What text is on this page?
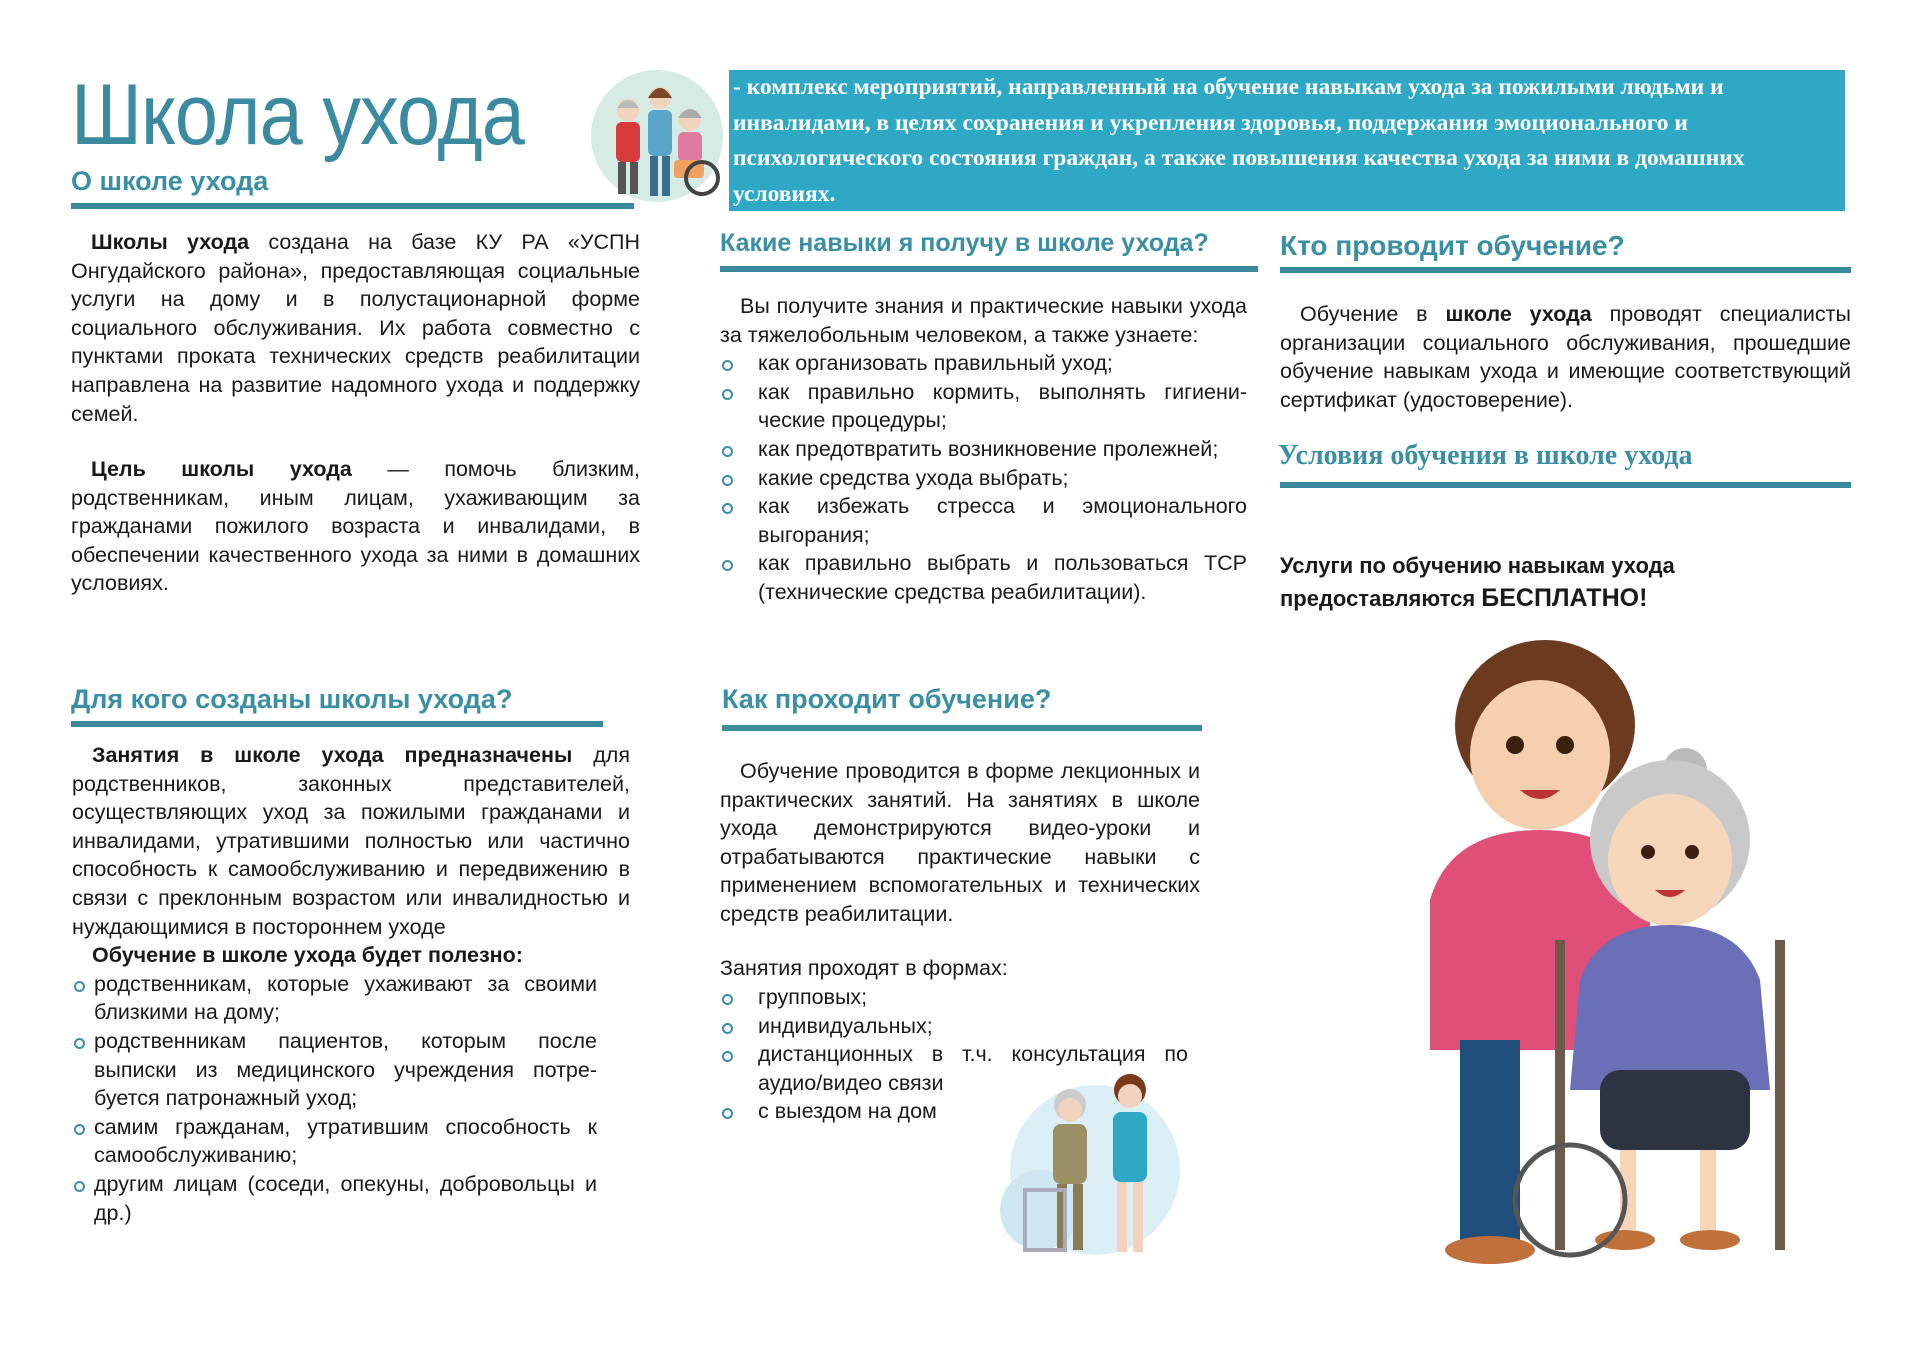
Школа ухода
О школе ухода
Школы ухода создана на базе КУ РА «УСПН Онгудайского района», предоставляющая социальные услуги на дому и в полустационарной форме социального обслуживания. Их работа совместно с пунктами проката технических средств реабилитации направлена на развитие надомного ухода и поддержку семей.
Цель школы ухода — помочь близким, родственникам, иным лицам, ухаживающим за гражданами пожилого возраста и инвалидами, в обеспечении качественного ухода за ними в домашних условиях.
- комплекс мероприятий, направленный на обучение навыкам ухода за пожилыми людьми и инвалидами, в целях сохранения и укрепления здоровья, поддержания эмоционального и психологического состояния граждан, а также повышения качества ухода за ними в домашних условиях.
Какие навыки я получу в школе ухода?
Вы получите знания и практические навыки ухода за тяжелобольным человеком, а также узнаете:
как организовать правильный уход;
как правильно кормить, выполнять гигиени-ческие процедуры;
как предотвратить возникновение пролежней;
какие средства ухода выбрать;
как избежать стресса и эмоционального выгорания;
как правильно выбрать и пользоваться ТСР (технические средства реабилитации).
Кто проводит обучение?
Обучение в школе ухода проводят специалисты организации социального обслуживания, прошедшие обучение навыкам ухода и имеющие соответствующий сертификат (удостоверение).
Условия обучения в школе ухода
Услуги по обучению навыкам ухода
предоставляются БЕСПЛАТНО!
Для кого созданы школы ухода?
Занятия в школе ухода предназначены для родственников, законных представителей, осуществляющих уход за пожилыми гражданами и инвалидами, утратившими полностью или частично способность к самообслуживанию и передвижению в связи с преклонным возрастом или инвалидностью и нуждающимися в постороннем уходе
Обучение в школе ухода будет полезно:
родственникам, которые ухаживают за своими близкими на дому;
родственникам пациентов, которым после выписки из медицинского учреждения потре-буется патронажный уход;
самим гражданам, утратившим способность к самообслуживанию;
другим лицам (соседи, опекуны, добровольцы и др.)
Как проходит обучение?
Обучение проводится в форме лекционных и практических занятий. На занятиях в школе ухода демонстрируются видео-уроки и отрабатываются практические навыки с применением вспомогательных и технических средств реабилитации.
Занятия проходят в формах:
групповых;
индивидуальных;
дистанционных в т.ч. консультация по аудио/видео связи
с выездом на дом
